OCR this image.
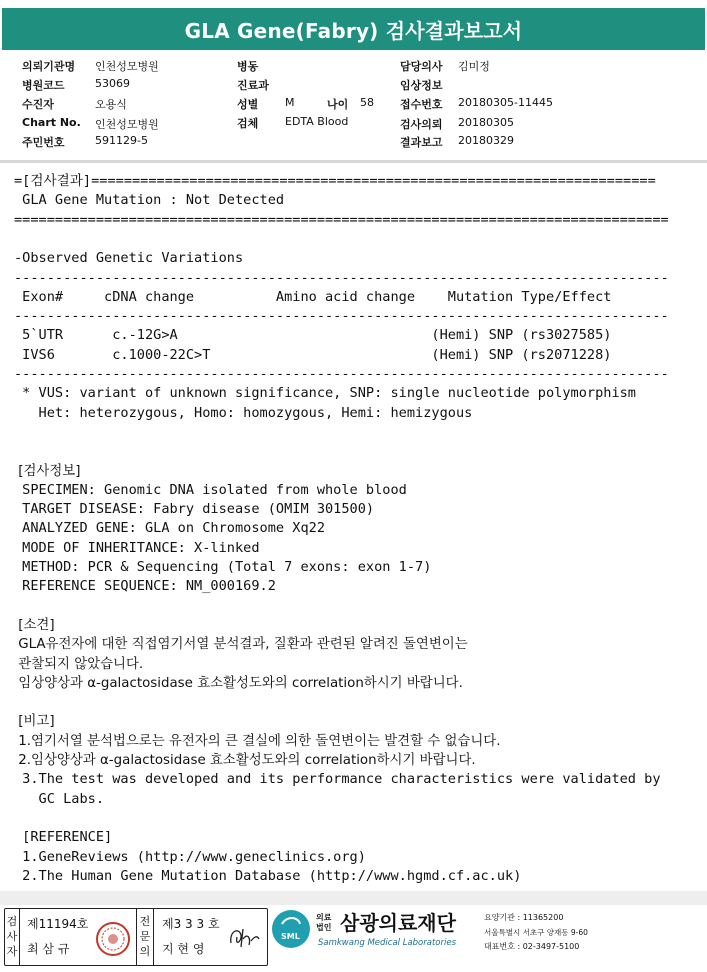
GLA Gene(Fabry) 검사결과보고서
의뢰기관명 인천성모병원
병원코드	53069
수진자	오용식
Chart No. 인천성모병원
주민번호	591129-5
병동
진료과
성별 M	나이 58
검체 EDTA Blood
담당의사 김미정
임상정보
접수번호 20180305-11445
검사의뢰 20180305
결과보고 20180329
=[검사결과]=====================================================================
GLA Gene Mutation : Not Detected
================================================================================
-Observed Genetic Variations
--------------------------------------------------------------------------------
Exon#     cDNA change          Amino acid change    Mutation Type/Effect
--------------------------------------------------------------------------------
5`UTR      c.-12G>A                               (Hemi) SNP (rs3027585)
IVS6       c.1000-22C>T                           (Hemi) SNP (rs2071228)
--------------------------------------------------------------------------------
* VUS: variant of unknown significance, SNP: single nucleotide polymorphism
Het: heterozygous, Homo: homozygous, Hemi: hemizygous
[검사정보]
SPECIMEN: Genomic DNA isolated from whole blood
TARGET DISEASE: Fabry disease (OMIM 301500)
ANALYZED GENE: GLA on Chromosome Xq22
MODE OF INHERITANCE: X-linked
METHOD: PCR & Sequencing (Total 7 exons: exon 1-7)
REFERENCE SEQUENCE: NM_000169.2
[소견]
GLA유전자에 대한 직접염기서열 분석결과, 질환과 관련된 알려진 돌연변이는
관찰되지 않았습니다.
임상양상과 α-galactosidase 효소활성도와의 correlation하시기 바랍니다.
[비고]
1.염기서열 분석법으로는 유전자의 큰 결실에 의한 돌연변이는 발견할 수 없습니다.
2.임상양상과 α-galactosidase 효소활성도와의 correlation하시기 바랍니다.
3.The test was developed and its performance characteristics were validated by
GC Labs.
[REFERENCE]
1.GeneReviews (http://www.geneclinics.org)
2.The Human Gene Mutation Database (http://www.hgmd.cf.ac.uk)
검
사
자
제11194호
최 삼 규
전
문
의
제3 3 3 호
지 현 영
SML
의료법인 삼광의료재단
Samkwang Medical Laboratories
요양기관 : 11365200
서울특별시 서초구 양재동 9-60
대표번호 : 02-3497-5100
